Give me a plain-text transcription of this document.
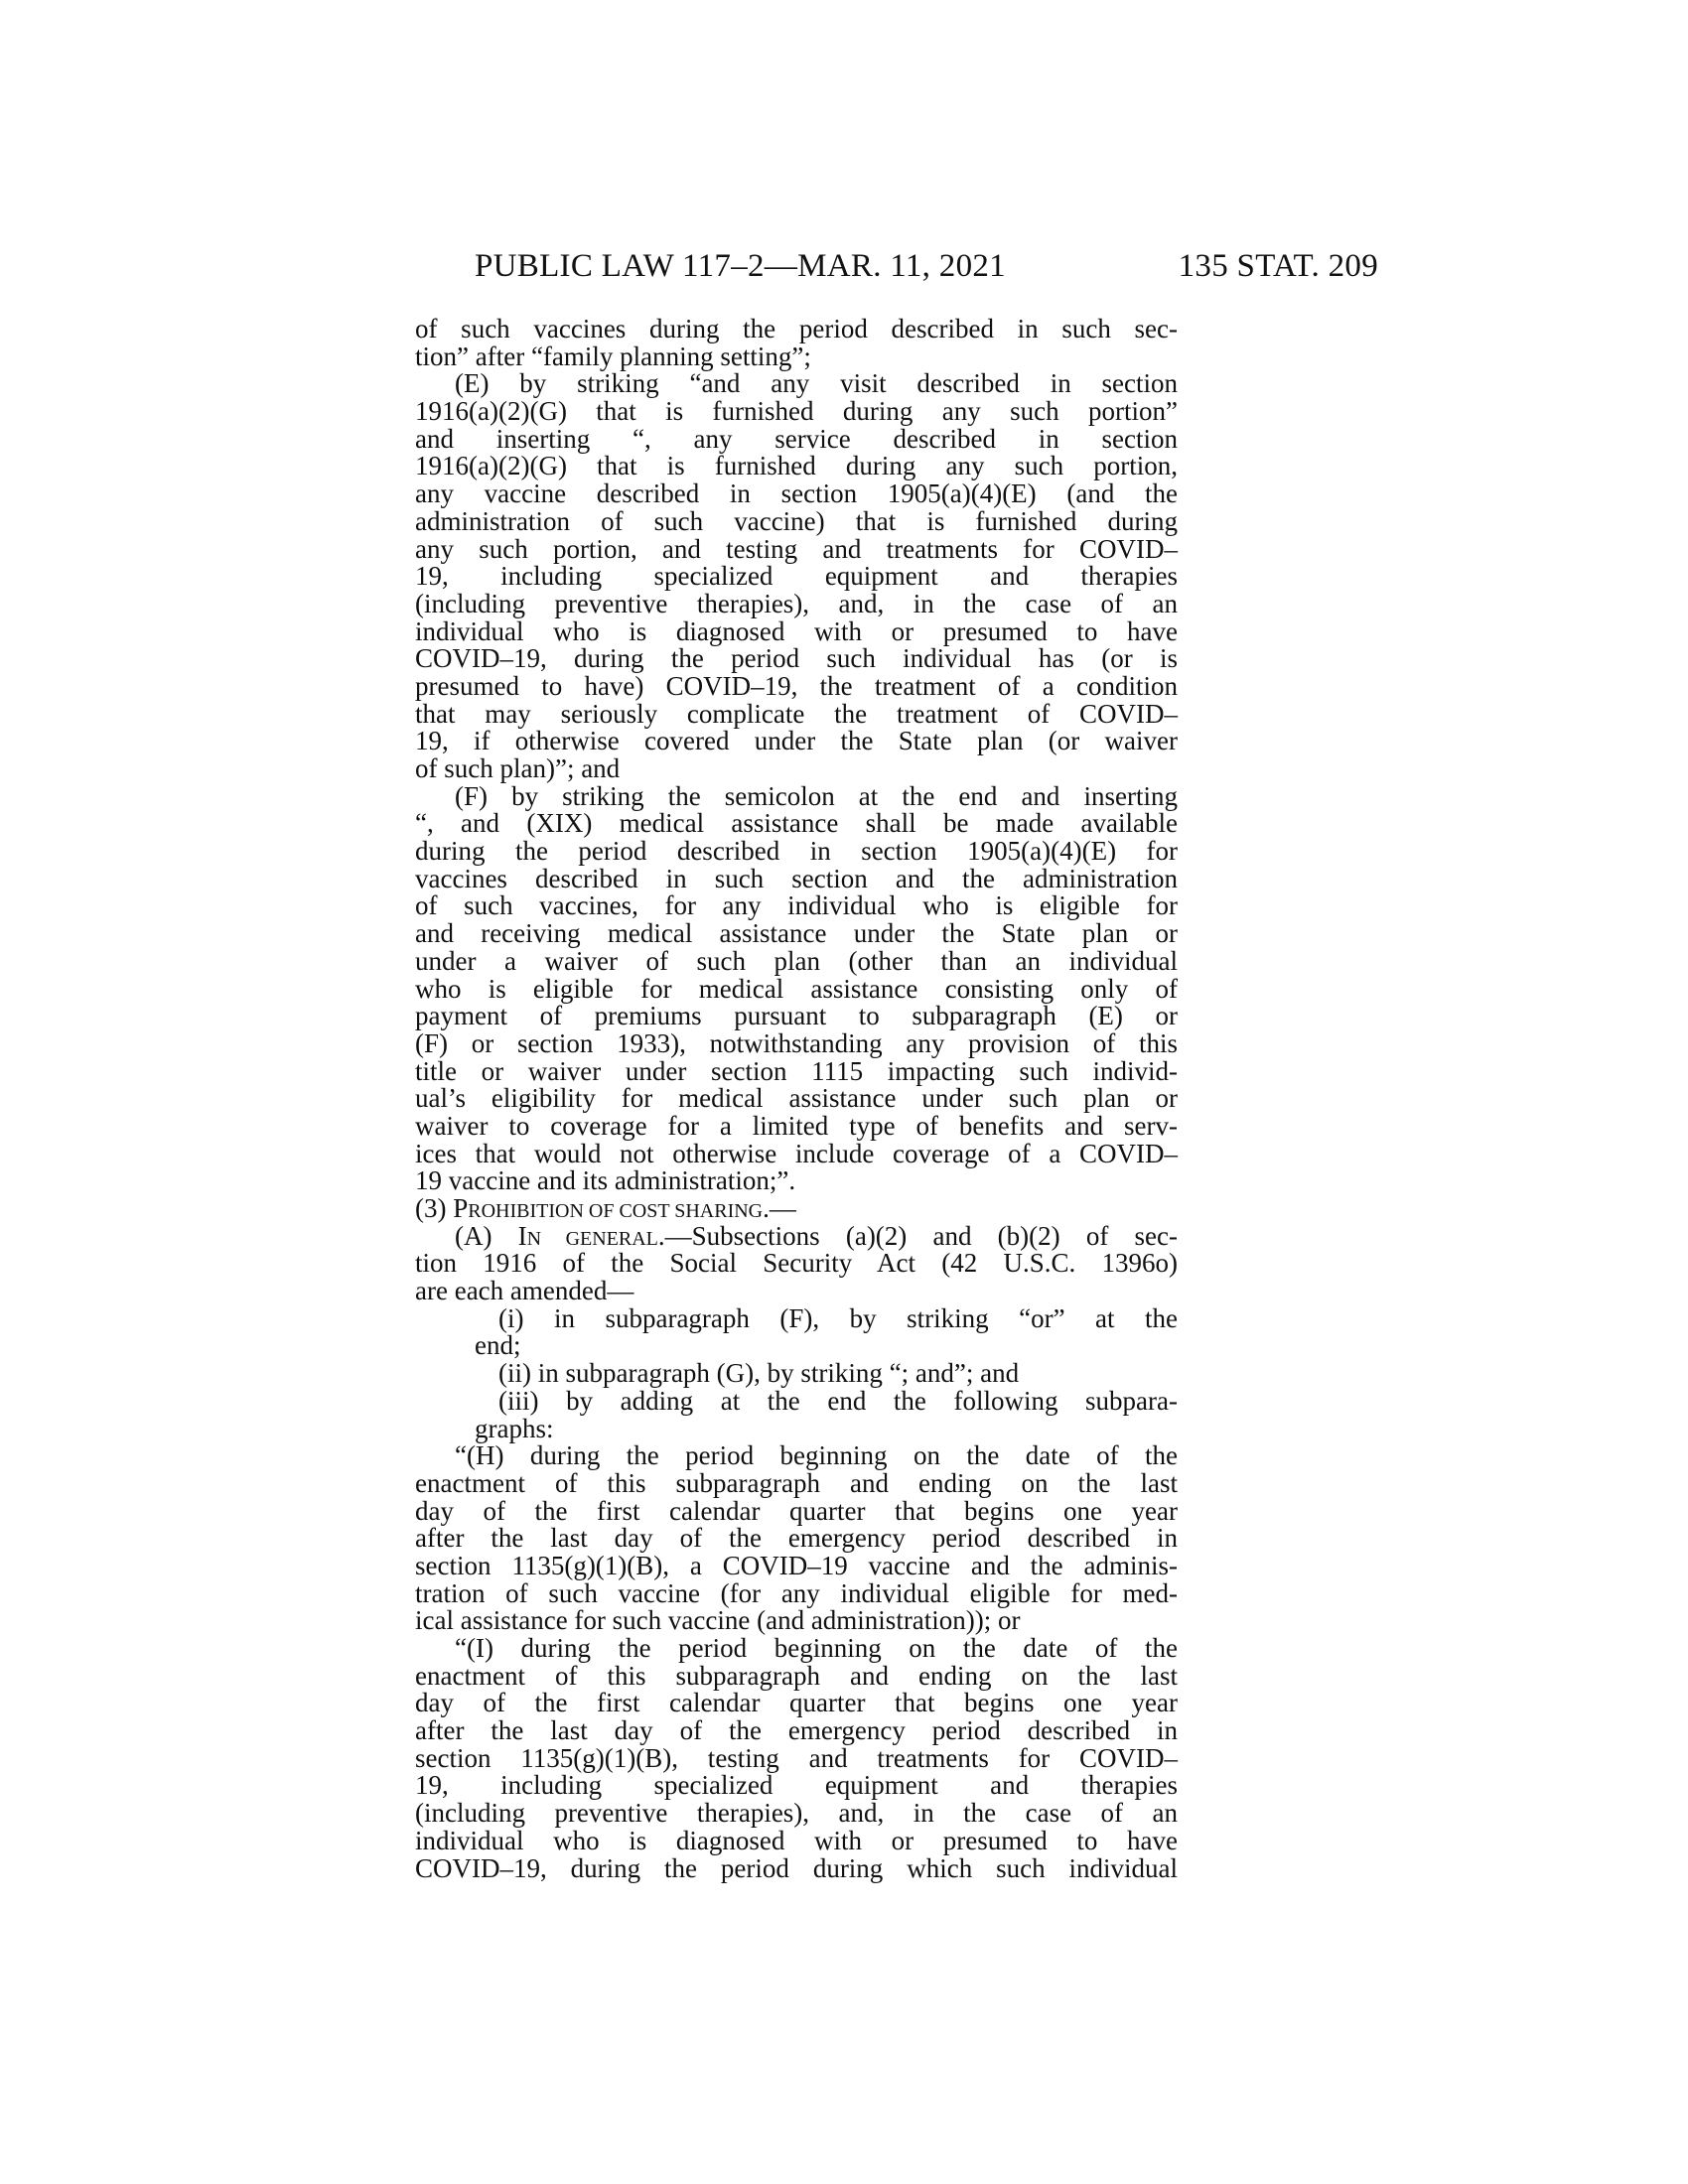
PUBLIC LAW 117–2—MAR. 11, 2021	135 STAT. 209
of such vaccines during the period described in such sec-
tion” after “family planning setting”;
(E) by striking “and any visit described in section
1916(a)(2)(G) that is furnished during any such portion”
and inserting “, any service described in section
1916(a)(2)(G) that is furnished during any such portion,
any vaccine described in section 1905(a)(4)(E) (and the
administration of such vaccine) that is furnished during
any such portion, and testing and treatments for COVID–
19, including specialized equipment and therapies
(including preventive therapies), and, in the case of an
individual who is diagnosed with or presumed to have
COVID–19, during the period such individual has (or is
presumed to have) COVID–19, the treatment of a condition
that may seriously complicate the treatment of COVID–
19, if otherwise covered under the State plan (or waiver
of such plan)”; and
(F) by striking the semicolon at the end and inserting
“, and (XIX) medical assistance shall be made available
during the period described in section 1905(a)(4)(E) for
vaccines described in such section and the administration
of such vaccines, for any individual who is eligible for
and receiving medical assistance under the State plan or
under a waiver of such plan (other than an individual
who is eligible for medical assistance consisting only of
payment of premiums pursuant to subparagraph (E) or
(F) or section 1933), notwithstanding any provision of this
title or waiver under section 1115 impacting such individ-
ual’s eligibility for medical assistance under such plan or
waiver to coverage for a limited type of benefits and serv-
ices that would not otherwise include coverage of a COVID–
19 vaccine and its administration;”.
(3) PROHIBITION OF COST SHARING.—
(A) IN GENERAL.—Subsections (a)(2) and (b)(2) of sec-
tion 1916 of the Social Security Act (42 U.S.C. 1396o)
are each amended—
(i) in subparagraph (F), by striking “or” at the
end;
(ii) in subparagraph (G), by striking “; and”; and
(iii) by adding at the end the following subpara-
graphs:
“(H) during the period beginning on the date of the
enactment of this subparagraph and ending on the last
day of the first calendar quarter that begins one year
after the last day of the emergency period described in
section 1135(g)(1)(B), a COVID–19 vaccine and the adminis-
tration of such vaccine (for any individual eligible for med-
ical assistance for such vaccine (and administration)); or
“(I) during the period beginning on the date of the
enactment of this subparagraph and ending on the last
day of the first calendar quarter that begins one year
after the last day of the emergency period described in
section 1135(g)(1)(B), testing and treatments for COVID–
19, including specialized equipment and therapies
(including preventive therapies), and, in the case of an
individual who is diagnosed with or presumed to have
COVID–19, during the period during which such individual
